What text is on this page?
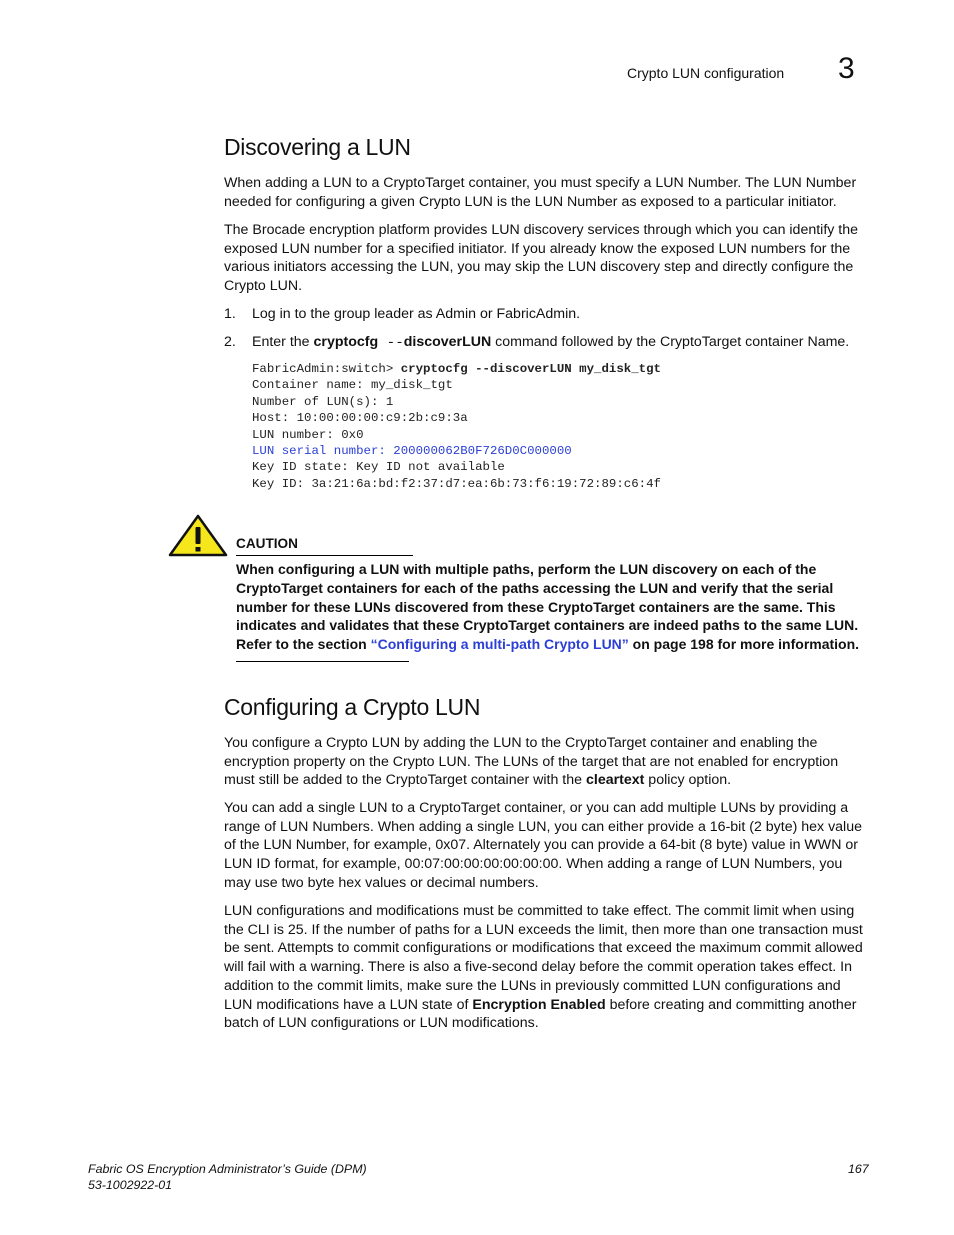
Crypto LUN configuration 3
Discovering a LUN

When adding a LUN to a CryptoTarget container, you must specify a LUN Number. The LUN Number needed for configuring a given Crypto LUN is the LUN Number as exposed to a particular initiator.

The Brocade encryption platform provides LUN discovery services through which you can identify the exposed LUN number for a specified initiator. If you already know the exposed LUN numbers for the various initiators accessing the LUN, you may skip the LUN discovery step and directly configure the Crypto LUN.

1. Log in to the group leader as Admin or FabricAdmin.
2. Enter the cryptocfg --discoverLUN command followed by the CryptoTarget container Name.
FabricAdmin:switch> cryptocfg --discoverLUN my_disk_tgt
Container name: my_disk_tgt
Number of LUN(s): 1
Host: 10:00:00:00:c9:2b:c9:3a
LUN number: 0x0
LUN serial number: 200000062B0F726D0C000000
Key ID state: Key ID not available
Key ID: 3a:21:6a:bd:f2:37:d7:ea:6b:73:f6:19:72:89:c6:4f
CAUTION

When configuring a LUN with multiple paths, perform the LUN discovery on each of the CryptoTarget containers for each of the paths accessing the LUN and verify that the serial number for these LUNs discovered from these CryptoTarget containers are the same. This indicates and validates that these CryptoTarget containers are indeed paths to the same LUN. Refer to the section “Configuring a multi-path Crypto LUN” on page 198 for more information.

Configuring a Crypto LUN

You configure a Crypto LUN by adding the LUN to the CryptoTarget container and enabling the encryption property on the Crypto LUN. The LUNs of the target that are not enabled for encryption must still be added to the CryptoTarget container with the cleartext policy option.

You can add a single LUN to a CryptoTarget container, or you can add multiple LUNs by providing a range of LUN Numbers. When adding a single LUN, you can either provide a 16-bit (2 byte) hex value of the LUN Number, for example, 0x07. Alternately you can provide a 64-bit (8 byte) value in WWN or LUN ID format, for example, 00:07:00:00:00:00:00:00. When adding a range of LUN Numbers, you may use two byte hex values or decimal numbers.

LUN configurations and modifications must be committed to take effect. The commit limit when using the CLI is 25. If the number of paths for a LUN exceeds the limit, then more than one transaction must be sent. Attempts to commit configurations or modifications that exceed the maximum commit allowed will fail with a warning. There is also a five-second delay before the commit operation takes effect. In addition to the commit limits, make sure the LUNs in previously committed LUN configurations and LUN modifications have a LUN state of Encryption Enabled before creating and committing another batch of LUN configurations or LUN modifications.

Fabric OS Encryption Administrator’s Guide (DPM)
53-1002922-01
167
